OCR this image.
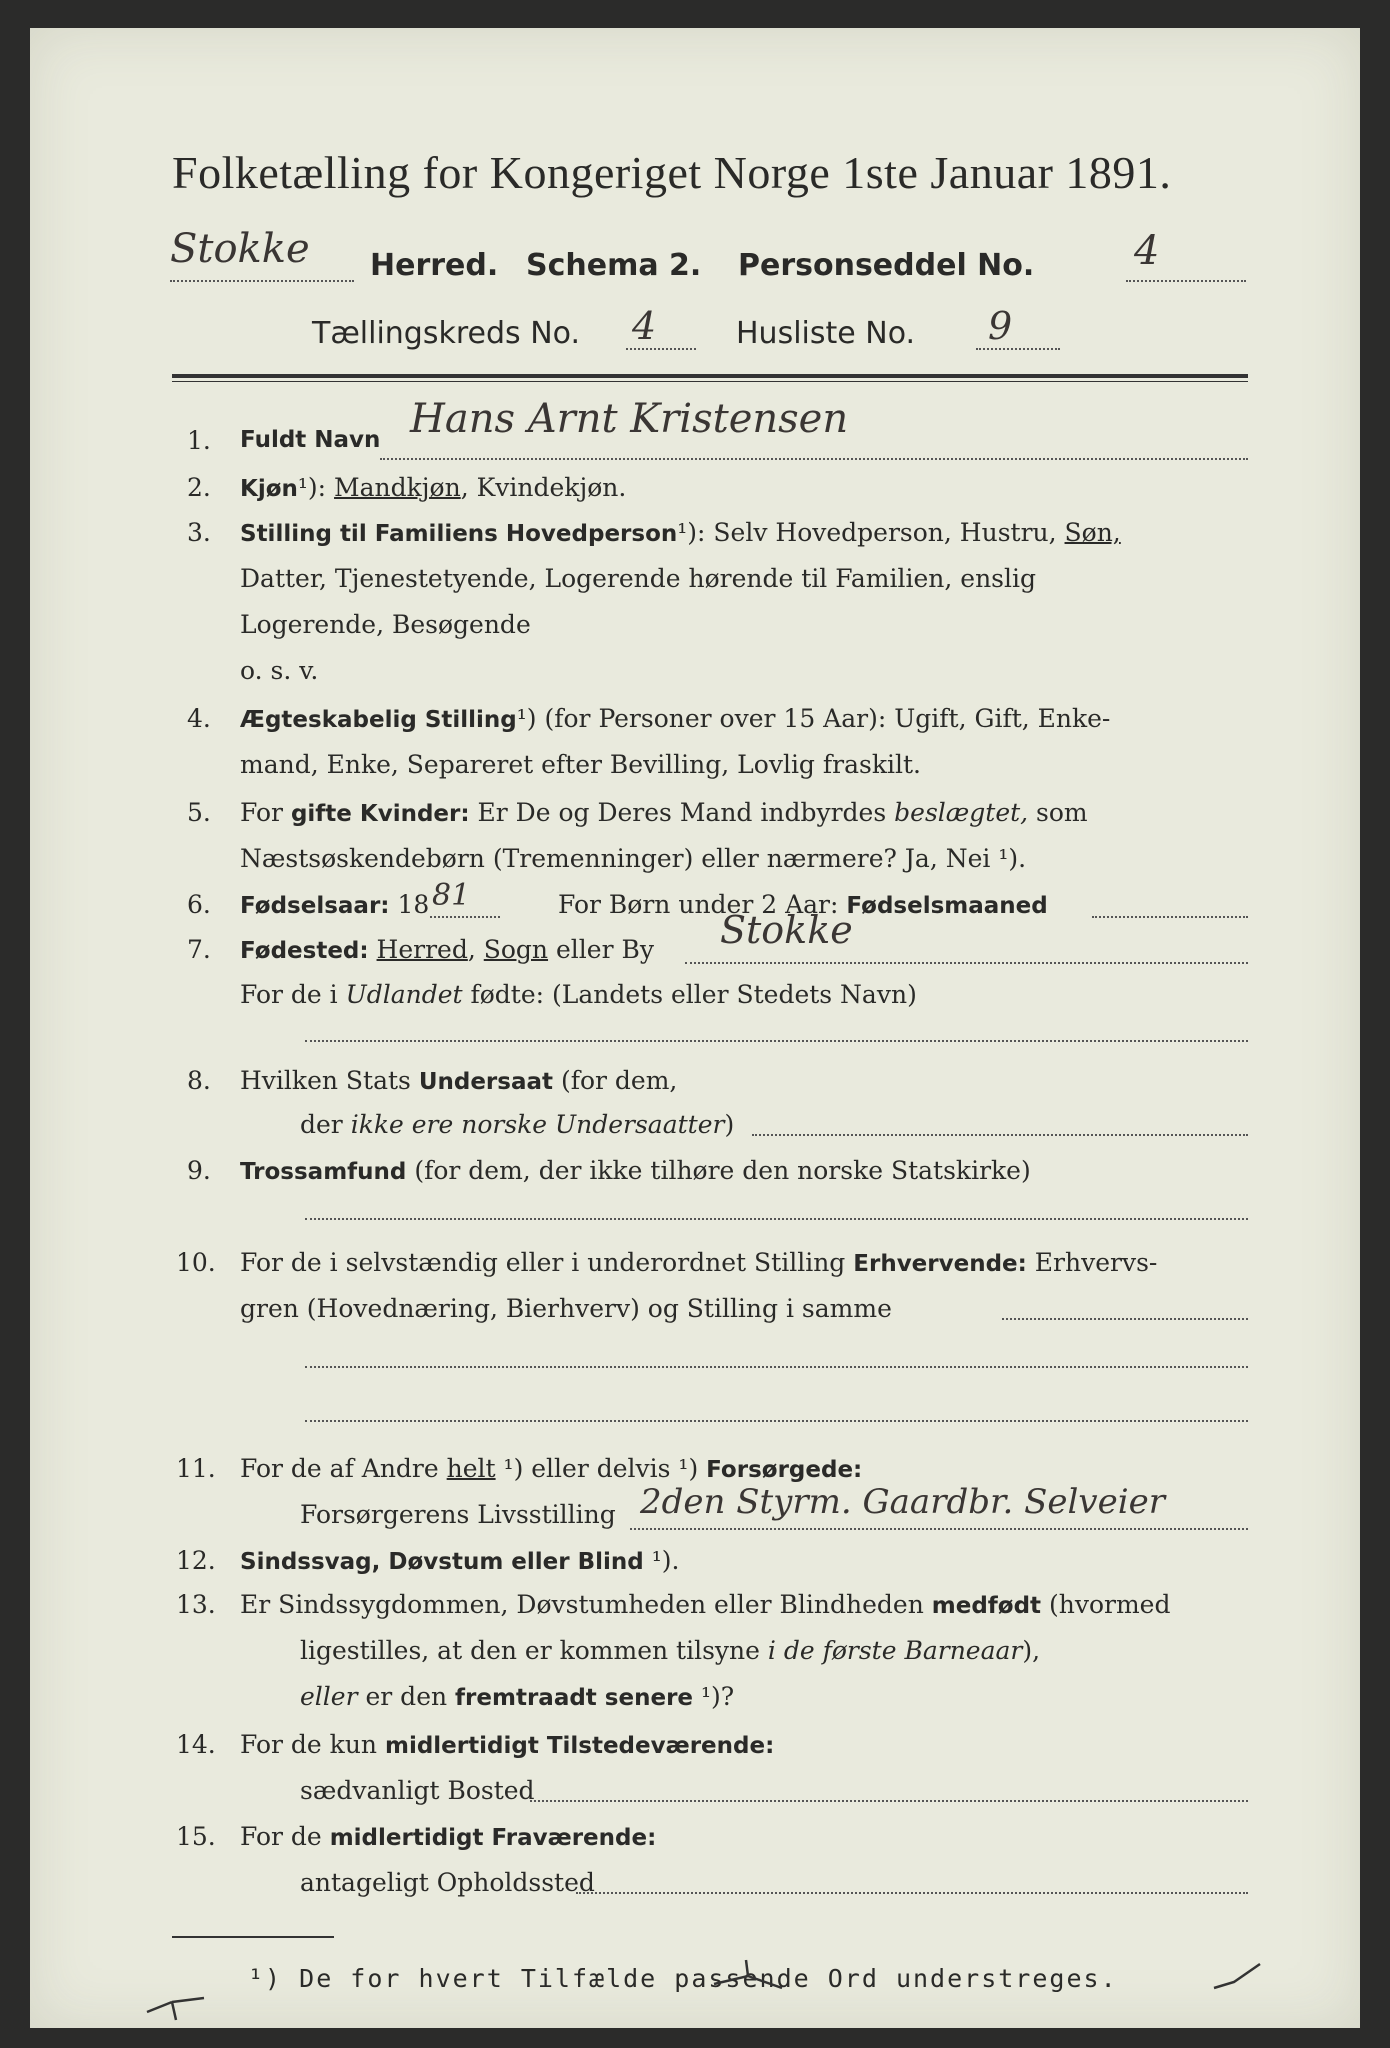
Folketælling for Kongeriget Norge 1ste Januar 1891.
Stokke Herred. Schema 2. Personseddel No. 4
Tællingskreds No. 4	Husliste No. 9
1. Fuldt Navn Hans Arnt Kristensen
2. Kjøn¹): Mandkjøn, Kvindekjøn.
3. Stilling til Familiens Hovedperson¹): Selv Hovedperson, Hustru, Søn,
Datter, Tjenestetyende, Logerende hørende til Familien, enslig
Logerende, Besøgende
o. s. v.
4. Ægteskabelig Stilling¹) (for Personer over 15 Aar): Ugift, Gift, Enke-
mand, Enke, Separeret efter Bevilling, Lovlig fraskilt.
5. For gifte Kvinder: Er De og Deres Mand indbyrdes beslægtet, som
Næstsøskendebørn (Tremenninger) eller nærmere? Ja, Nei ¹).
6. Fødselsaar: 18 81	For Børn under 2 Aar: Fødselsmaaned
7. Fødested: Herred, Sogn eller By Stokke
For de i Udlandet fødte: (Landets eller Stedets Navn)
8. Hvilken Stats Undersaat (for dem,
der ikke ere norske Undersaatter)
9. Trossamfund (for dem, der ikke tilhøre den norske Statskirke)
10. For de i selvstændig eller i underordnet Stilling Erhvervende: Erhvervs-
gren (Hovednæring, Bierhverv) og Stilling i samme
11. For de af Andre helt ¹) eller delvis ¹) Forsørgede:
Forsørgerens Livsstilling 2den Styrm. Gaardbr. Selveier
12. Sindssvag, Døvstum eller Blind ¹).
13. Er Sindssygdommen, Døvstumheden eller Blindheden medfødt (hvormed
ligestilles, at den er kommen tilsyne i de første Barneaar),
eller er den fremtraadt senere ¹)?
14. For de kun midlertidigt Tilstedeværende:
sædvanligt Bosted
15. For de midlertidigt Fraværende:
antageligt Opholdssted
¹) De for hvert Tilfælde passende Ord understreges.
